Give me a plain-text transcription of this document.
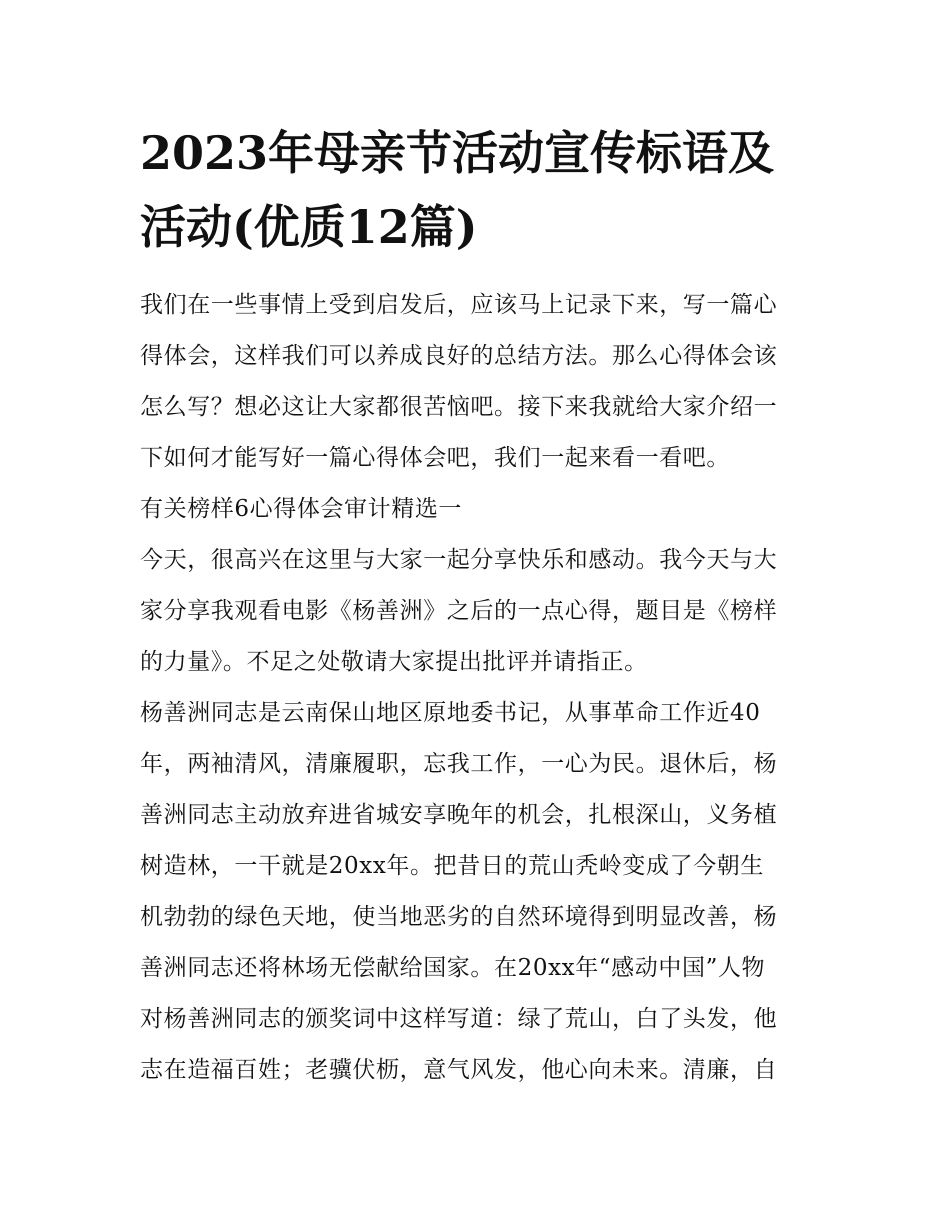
2023年母亲节活动宣传标语及
活动(优质12篇)
我们在一些事情上受到启发后，应该马上记录下来，写一篇心
得体会，这样我们可以养成良好的总结方法。那么心得体会该
怎么写？想必这让大家都很苦恼吧。接下来我就给大家介绍一
下如何才能写好一篇心得体会吧，我们一起来看一看吧。
有关榜样6心得体会审计精选一
今天，很高兴在这里与大家一起分享快乐和感动。我今天与大
家分享我观看电影《杨善洲》之后的一点心得，题目是《榜样
的力量》。不足之处敬请大家提出批评并请指正。
杨善洲同志是云南保山地区原地委书记，从事革命工作近40
年，两袖清风，清廉履职，忘我工作，一心为民。退休后，杨
善洲同志主动放弃进省城安享晚年的机会，扎根深山，义务植
树造林，一干就是20xx年。把昔日的荒山秃岭变成了今朝生
机勃勃的绿色天地，使当地恶劣的自然环境得到明显改善，杨
善洲同志还将林场无偿献给国家。在20xx年“感动中国”人物
对杨善洲同志的颁奖词中这样写道：绿了荒山，白了头发，他
志在造福百姓；老骥伏枥，意气风发，他心向未来。清廉，自
